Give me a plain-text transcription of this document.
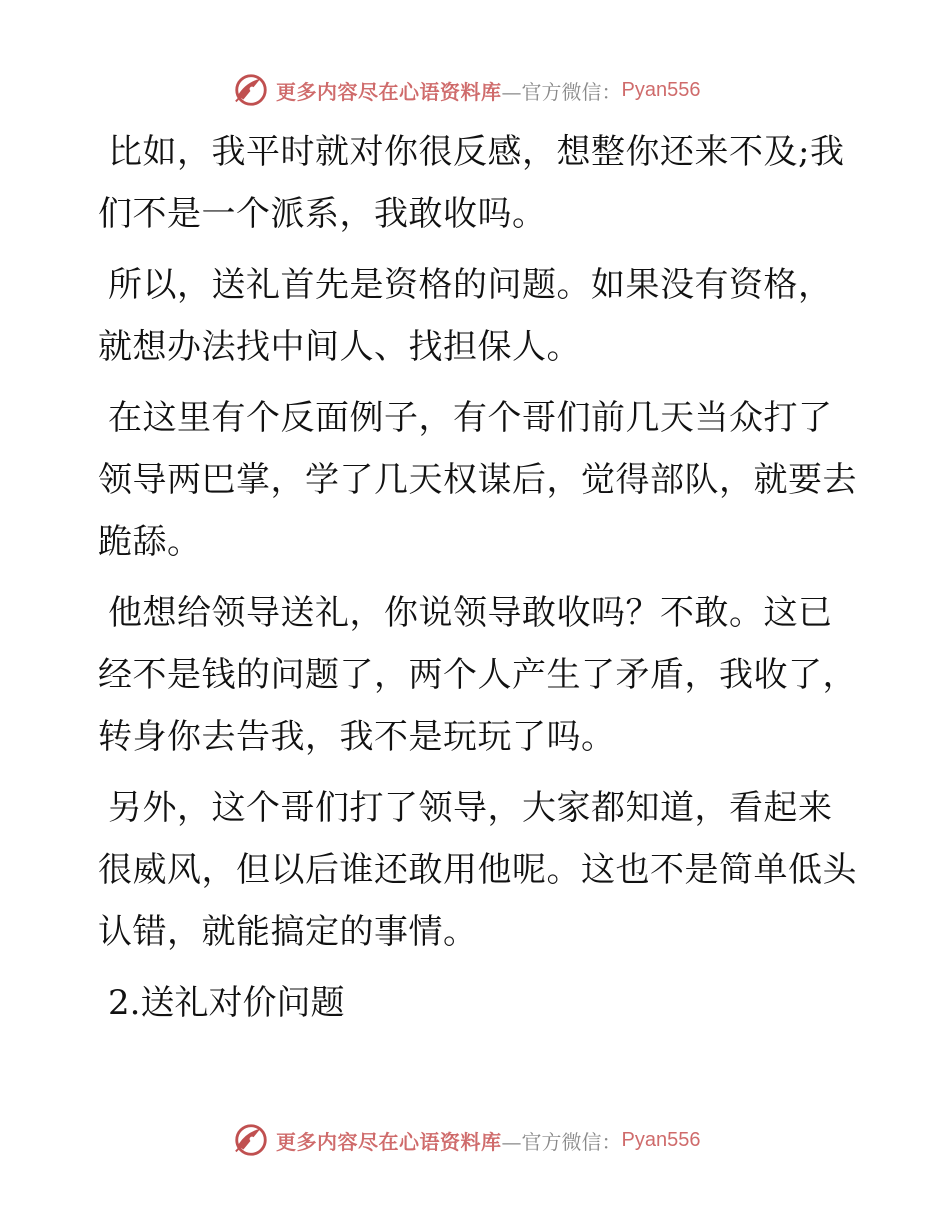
更多内容尽在心语资料库 —官方微信： Pyan556

比如，我平时就对你很反感，想整你还来不及;我们不是一个派系，我敢收吗。

所以，送礼首先是资格的问题。如果没有资格，就想办法找中间人、找担保人。

在这里有个反面例子，有个哥们前几天当众打了领导两巴掌，学了几天权谋后，觉得部队，就要去跪舔。

他想给领导送礼，你说领导敢收吗？不敢。这已经不是钱的问题了，两个人产生了矛盾，我收了，转身你去告我，我不是玩玩了吗。

另外，这个哥们打了领导，大家都知道，看起来很威风，但以后谁还敢用他呢。这也不是简单低头认错，就能搞定的事情。

2.送礼对价问题

更多内容尽在心语资料库 —官方微信： Pyan556
